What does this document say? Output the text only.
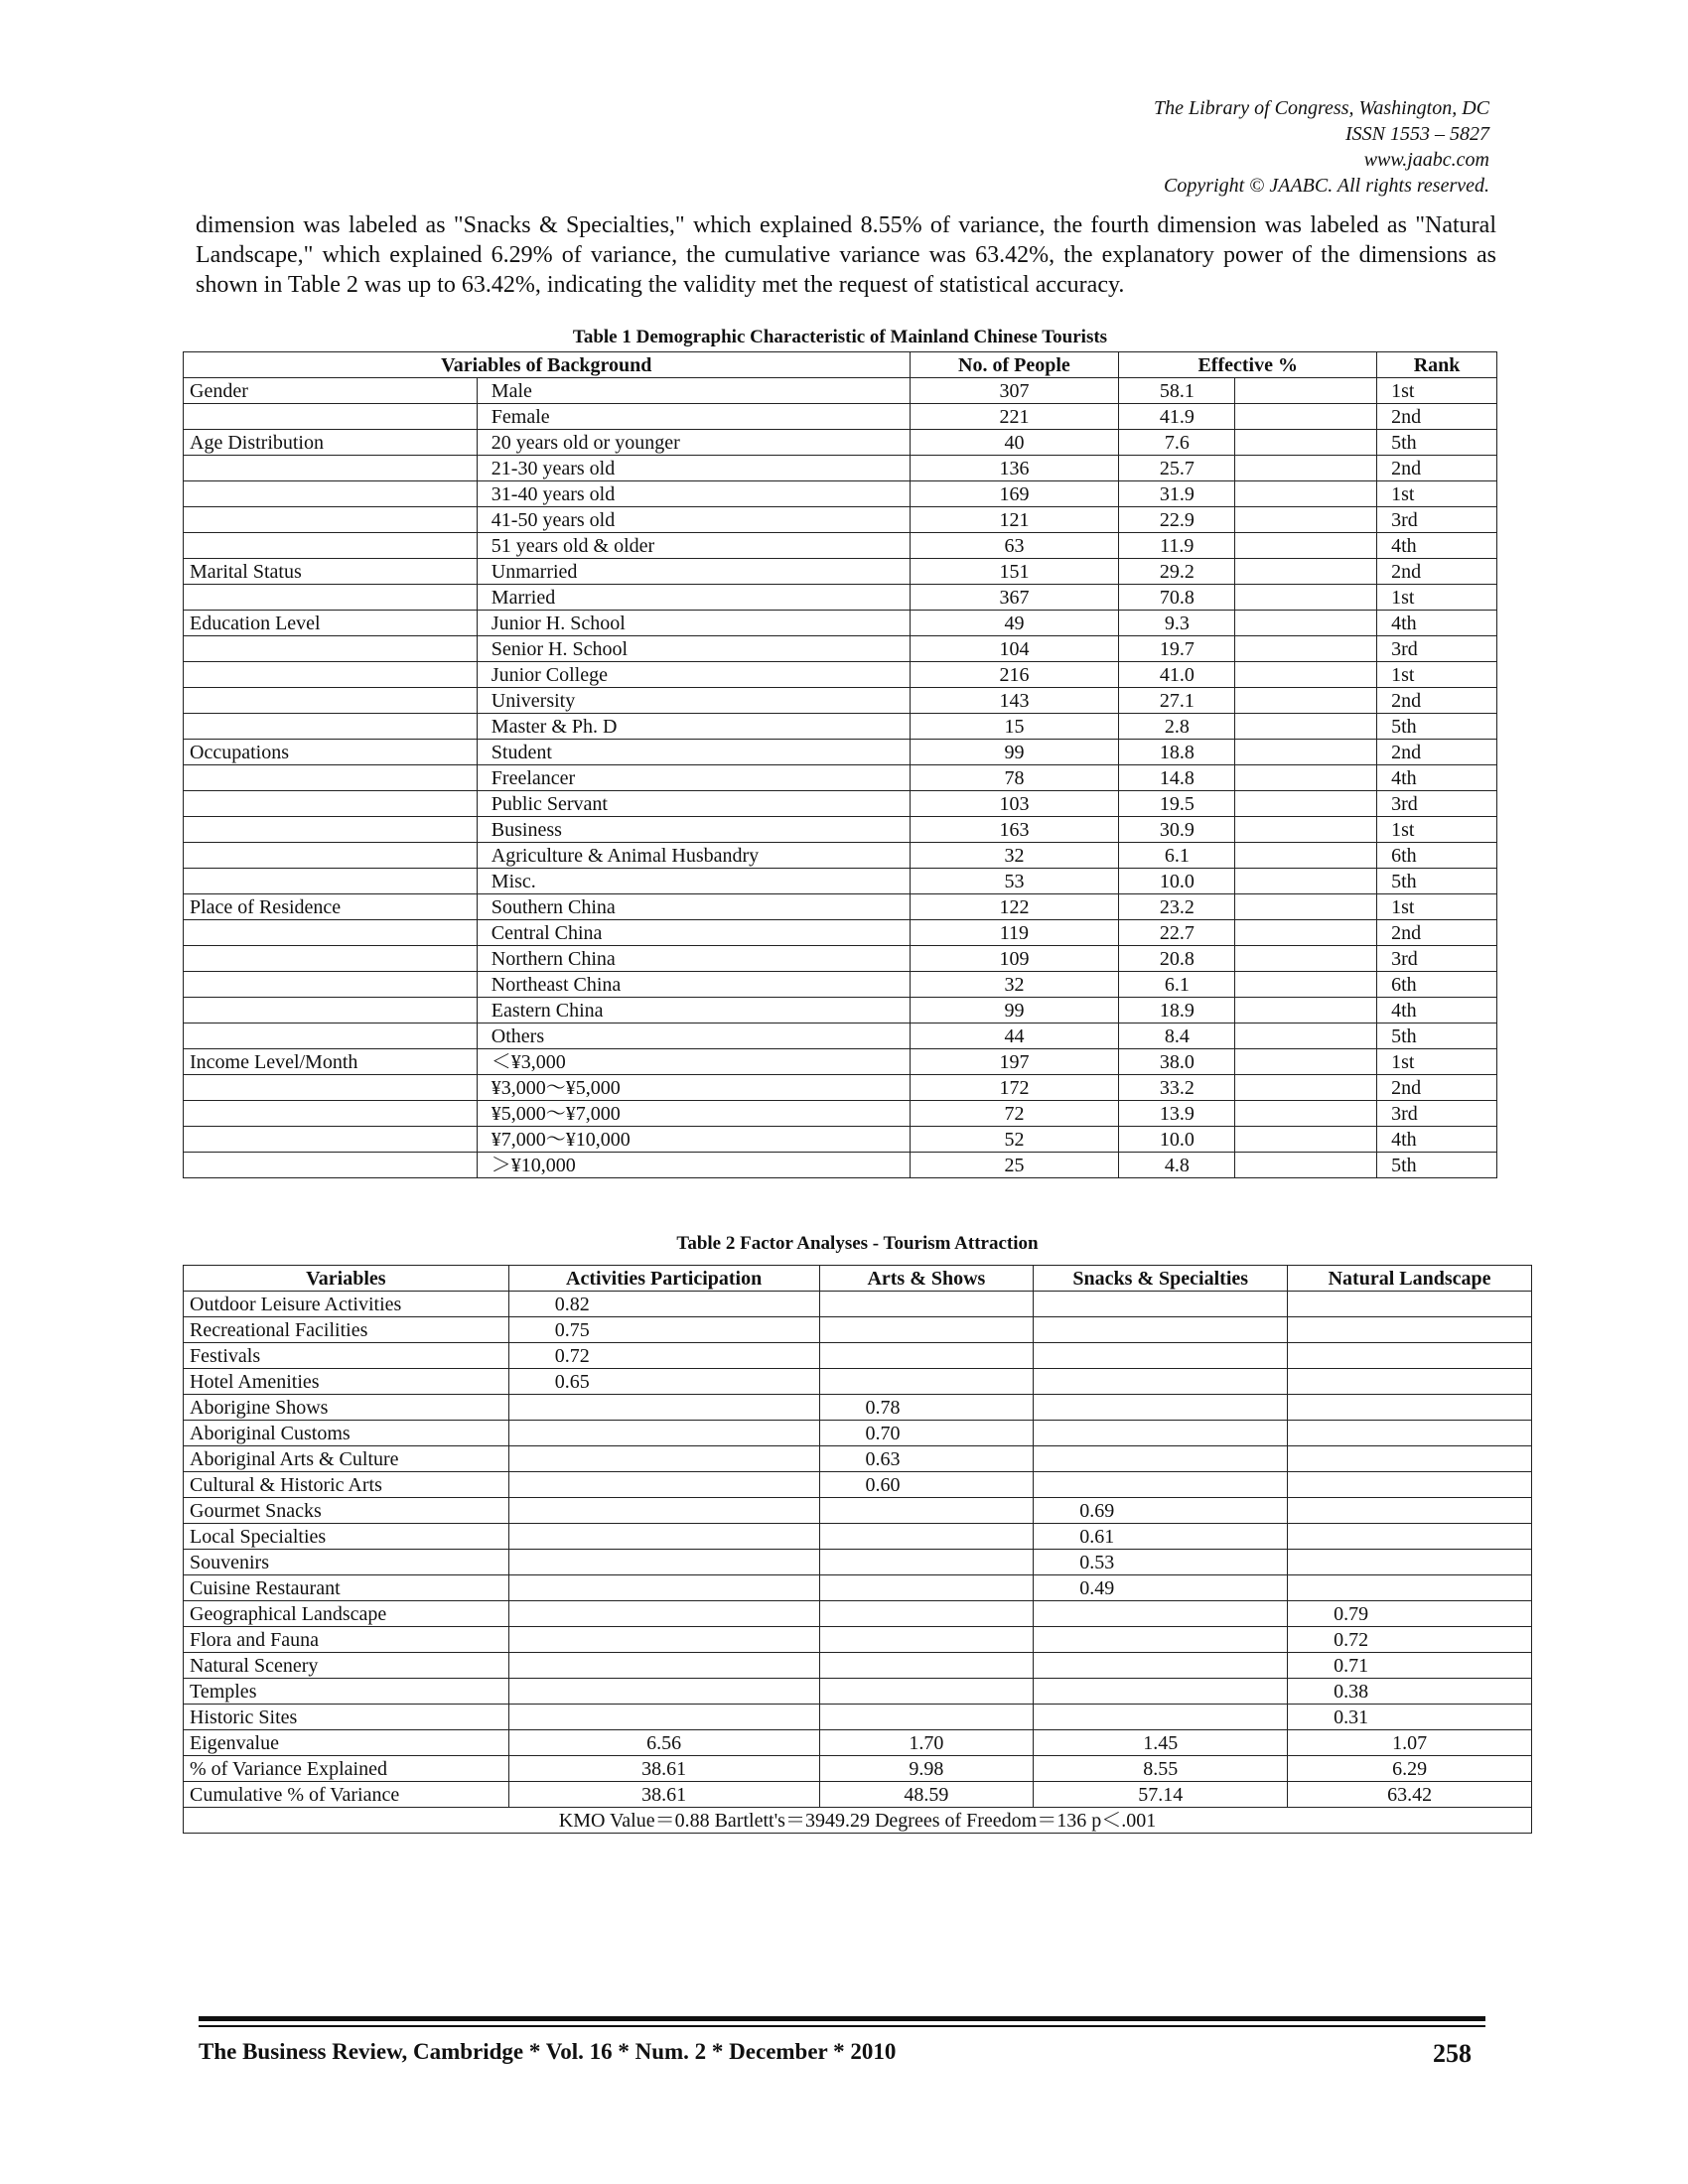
The Library of Congress, Washington, DC
ISSN 1553 – 5827
www.jaabc.com
Copyright © JAABC. All rights reserved.
dimension was labeled as "Snacks & Specialties," which explained 8.55% of variance, the fourth dimension was labeled as "Natural Landscape," which explained 6.29% of variance, the cumulative variance was 63.42%, the explanatory power of the dimensions as shown in Table 2 was up to 63.42%, indicating the validity met the request of statistical accuracy.
Table 1 Demographic Characteristic of Mainland Chinese Tourists
Variables of Background		No. of People	Effective %		Rank
Gender	Male	307	58.1		1st
	Female	221	41.9		2nd
Age Distribution	20 years old or younger	40	7.6		5th
	21-30 years old	136	25.7		2nd
	31-40 years old	169	31.9		1st
	41-50 years old	121	22.9		3rd
	51 years old & older	63	11.9		4th
Marital Status	Unmarried	151	29.2		2nd
	Married	367	70.8		1st
Education Level	Junior H. School	49	9.3		4th
	Senior H. School	104	19.7		3rd
	Junior College	216	41.0		1st
	University	143	27.1		2nd
	Master & Ph. D	15	2.8		5th
Occupations	Student	99	18.8		2nd
	Freelancer	78	14.8		4th
	Public Servant	103	19.5		3rd
	Business	163	30.9		1st
	Agriculture & Animal Husbandry	32	6.1		6th
	Misc.	53	10.0		5th
Place of Residence	Southern China	122	23.2		1st
	Central China	119	22.7		2nd
	Northern China	109	20.8		3rd
	Northeast China	32	6.1		6th
	Eastern China	99	18.9		4th
	Others	44	8.4		5th
Income Level/Month	＜¥3,000	197	38.0		1st
	¥3,000～¥5,000	172	33.2		2nd
	¥5,000～¥7,000	72	13.9		3rd
	¥7,000～¥10,000	52	10.0		4th
	＞¥10,000	25	4.8		5th
Table 2 Factor Analyses - Tourism Attraction
Variables	Activities Participation	Arts & Shows	Snacks & Specialties	Natural Landscape
Outdoor Leisure Activities	0.82			
Recreational Facilities	0.75			
Festivals	0.72			
Hotel Amenities	0.65			
Aborigine Shows		0.78		
Aboriginal Customs		0.70		
Aboriginal Arts & Culture		0.63		
Cultural & Historic Arts		0.60		
Gourmet Snacks			0.69	
Local Specialties			0.61	
Souvenirs			0.53	
Cuisine Restaurant			0.49	
Geographical Landscape				0.79
Flora and Fauna				0.72
Natural Scenery				0.71
Temples				0.38
Historic Sites				0.31
Eigenvalue	6.56	1.70	1.45	1.07
% of Variance Explained	38.61	9.98	8.55	6.29
Cumulative % of Variance	38.61	48.59	57.14	63.42
KMO Value＝0.88 Bartlett's＝3949.29 Degrees of Freedom＝136 p＜.001				
The Business Review, Cambridge * Vol. 16 * Num. 2 * December * 2010	258
